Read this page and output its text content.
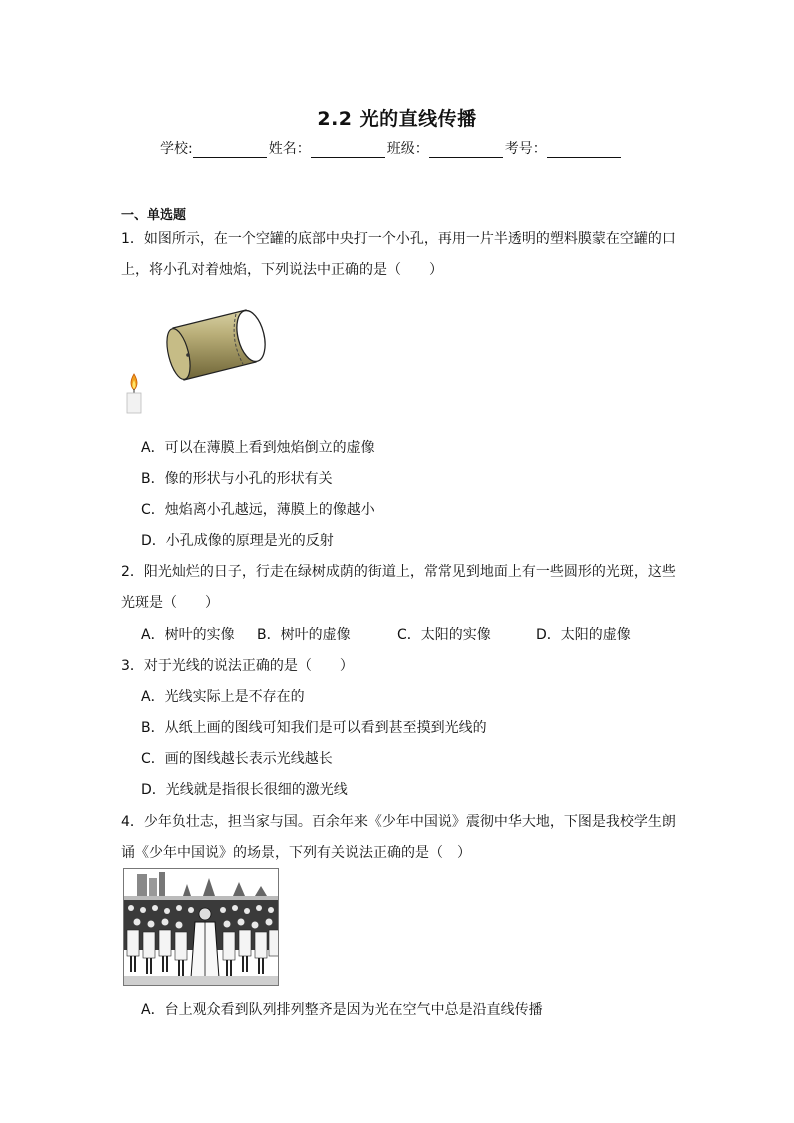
2.2 光的直线传播
学校:	姓名：	班级：	考号：
一、单选题
1．如图所示，在一个空罐的底部中央打一个小孔，再用一片半透明的塑料膜蒙在空罐的口
上，将小孔对着烛焰，下列说法中正确的是（　　）
A．可以在薄膜上看到烛焰倒立的虚像
B．像的形状与小孔的形状有关
C．烛焰离小孔越远，薄膜上的像越小
D．小孔成像的原理是光的反射
2．阳光灿烂的日子，行走在绿树成荫的街道上，常常见到地面上有一些圆形的光斑，这些
光斑是（　　）
A．树叶的实像 B．树叶的虚像	C．太阳的实像	D．太阳的虚像
3．对于光线的说法正确的是（　　）
A．光线实际上是不存在的
B．从纸上画的图线可知我们是可以看到甚至摸到光线的
C．画的图线越长表示光线越长
D．光线就是指很长很细的激光线
4．少年负壮志，担当家与国。百余年来《少年中国说》震彻中华大地，下图是我校学生朗
诵《少年中国说》的场景，下列有关说法正确的是（　）
A．台上观众看到队列排列整齐是因为光在空气中总是沿直线传播
